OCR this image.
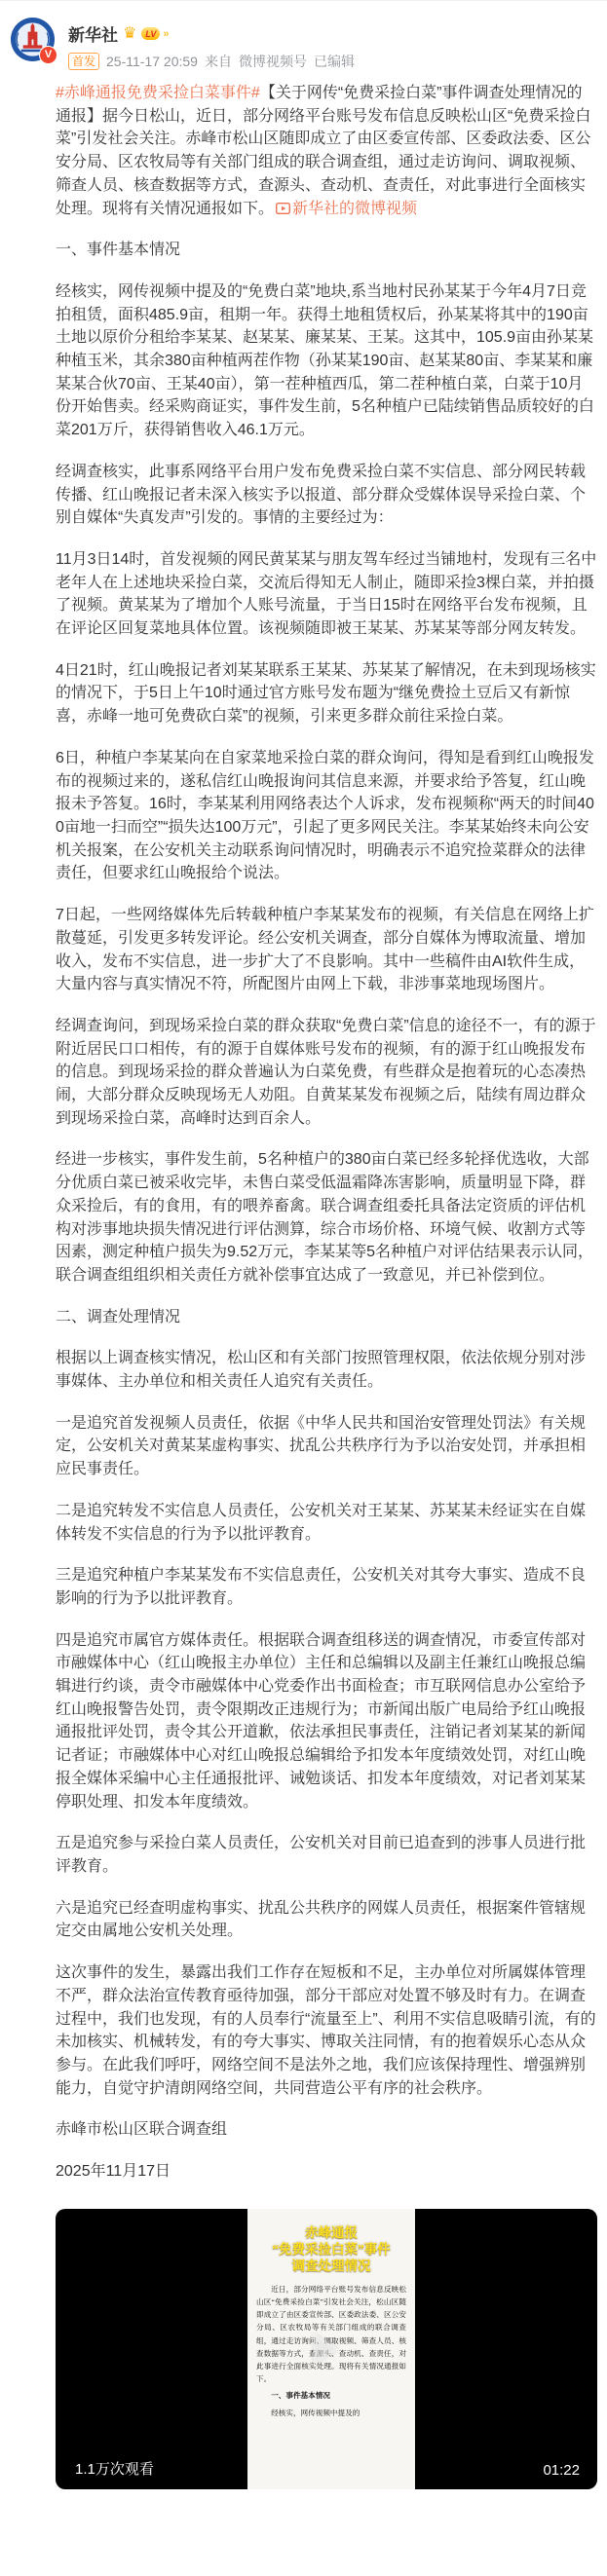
V
新华社 ♛	LV »
首发 25-11-17 20:59 来自 微博视频号 已编辑

#赤峰通报免费采捡白菜事件#【关于网传“免费采捡白菜”事件调查处理情况的通报】据今日松山，近日，部分网络平台账号发布信息反映松山区“免费采捡白菜”引发社会关注。赤峰市松山区随即成立了由区委宣传部、区委政法委、区公安分局、区农牧局等有关部门组成的联合调查组，通过走访询问、调取视频、筛查人员、核查数据等方式，查源头、查动机、查责任，对此事进行全面核实处理。现将有关情况通报如下。 新华社的微博视频

一、事件基本情况

经核实，网传视频中提及的“免费白菜”地块,系当地村民孙某某于今年4月7日竞拍租赁，面积485.9亩，租期一年。获得土地租赁权后，孙某某将其中的190亩土地以原价分租给李某某、赵某某、廉某某、王某。这其中，105.9亩由孙某某种植玉米，其余380亩种植两茬作物（孙某某190亩、赵某某80亩、李某某和廉某某合伙70亩、王某40亩），第一茬种植西瓜，第二茬种植白菜，白菜于10月份开始售卖。经采购商证实，事件发生前，5名种植户已陆续销售品质较好的白菜201万斤，获得销售收入46.1万元。

经调查核实，此事系网络平台用户发布免费采捡白菜不实信息、部分网民转载传播、红山晚报记者未深入核实予以报道、部分群众受媒体误导采捡白菜、个别自媒体“失真发声”引发的。事情的主要经过为：

11月3日14时，首发视频的网民黄某某与朋友驾车经过当铺地村，发现有三名中老年人在上述地块采捡白菜，交流后得知无人制止，随即采捡3棵白菜，并拍摄了视频。黄某某为了增加个人账号流量，于当日15时在网络平台发布视频，且在评论区回复菜地具体位置。该视频随即被王某某、苏某某等部分网友转发。

4日21时，红山晚报记者刘某某联系王某某、苏某某了解情况，在未到现场核实的情况下，于5日上午10时通过官方账号发布题为“继免费捡土豆后又有新惊喜，赤峰一地可免费砍白菜”的视频，引来更多群众前往采捡白菜。

6日，种植户李某某向在自家菜地采捡白菜的群众询问，得知是看到红山晚报发布的视频过来的，遂私信红山晚报询问其信息来源，并要求给予答复，红山晚报未予答复。16时，李某某利用网络表达个人诉求，发布视频称“两天的时间400亩地一扫而空”“损失达100万元”，引起了更多网民关注。李某某始终未向公安机关报案，在公安机关主动联系询问情况时，明确表示不追究捡菜群众的法律责任，但要求红山晚报给个说法。

7日起，一些网络媒体先后转载种植户李某某发布的视频，有关信息在网络上扩散蔓延，引发更多转发评论。经公安机关调查，部分自媒体为博取流量、增加收入，发布不实信息，进一步扩大了不良影响。其中一些稿件由AI软件生成，大量内容与真实情况不符，所配图片由网上下载，非涉事菜地现场图片。

经调查询问，到现场采捡白菜的群众获取“免费白菜”信息的途径不一，有的源于附近居民口口相传，有的源于自媒体账号发布的视频，有的源于红山晚报发布的信息。到现场采捡的群众普遍认为白菜免费，有些群众是抱着玩的心态凑热闹，大部分群众反映现场无人劝阻。自黄某某发布视频之后，陆续有周边群众到现场采捡白菜，高峰时达到百余人。

经进一步核实，事件发生前，5名种植户的380亩白菜已经多轮择优选收，大部分优质白菜已被采收完毕，未售白菜受低温霜降冻害影响，质量明显下降，群众采捡后，有的食用，有的喂养畜禽。联合调查组委托具备法定资质的评估机构对涉事地块损失情况进行评估测算，综合市场价格、环境气候、收割方式等因素，测定种植户损失为9.52万元，李某某等5名种植户对评估结果表示认同，联合调查组组织相关责任方就补偿事宜达成了一致意见，并已补偿到位。

二、调查处理情况

根据以上调查核实情况，松山区和有关部门按照管理权限，依法依规分别对涉事媒体、主办单位和相关责任人追究有关责任。

一是追究首发视频人员责任，依据《中华人民共和国治安管理处罚法》有关规定，公安机关对黄某某虚构事实、扰乱公共秩序行为予以治安处罚，并承担相应民事责任。

二是追究转发不实信息人员责任，公安机关对王某某、苏某某未经证实在自媒体转发不实信息的行为予以批评教育。

三是追究种植户李某某发布不实信息责任，公安机关对其夸大事实、造成不良影响的行为予以批评教育。

四是追究市属官方媒体责任。根据联合调查组移送的调查情况，市委宣传部对市融媒体中心（红山晚报主办单位）主任和总编辑以及副主任兼红山晚报总编辑进行约谈，责令市融媒体中心党委作出书面检查；市互联网信息办公室给予红山晚报警告处罚，责令限期改正违规行为；市新闻出版广电局给予红山晚报通报批评处罚，责令其公开道歉，依法承担民事责任，注销记者刘某某的新闻记者证；市融媒体中心对红山晚报总编辑给予扣发本年度绩效处罚，对红山晚报全媒体采编中心主任通报批评、诫勉谈话、扣发本年度绩效，对记者刘某某停职处理、扣发本年度绩效。

五是追究参与采捡白菜人员责任，公安机关对目前已追查到的涉事人员进行批评教育。

六是追究已经查明虚构事实、扰乱公共秩序的网媒人员责任，根据案件管辖规定交由属地公安机关处理。

这次事件的发生，暴露出我们工作存在短板和不足，主办单位对所属媒体管理不严，群众法治宣传教育亟待加强，部分干部应对处置不够及时有力。在调查过程中，我们也发现，有的人员奉行“流量至上”、利用不实信息吸睛引流，有的未加核实、机械转发，有的夸大事实、博取关注同情，有的抱着娱乐心态从众参与。在此我们呼吁，网络空间不是法外之地，我们应该保持理性、增强辨别能力，自觉守护清朗网络空间，共同营造公平有序的社会秩序。

赤峰市松山区联合调查组

2025年11月17日

赤峰通报
“免费采捡白菜”事件
调查处理情况

近日，部分网络平台账号发布信息反映松山区“免费采捡白菜”引发社会关注，松山区随即成立了由区委宣传部、区委政法委、区公安分局、区农牧局等有关部门组成的联合调查组，通过走访询问、调取视频、筛查人员、核查数据等方式，查源头、查动机、查责任，对此事进行全面核实处理。现将有关情况通报如下。

一、事件基本情况

经核实，网传视频中提及的

1.1万次观看	01:22
